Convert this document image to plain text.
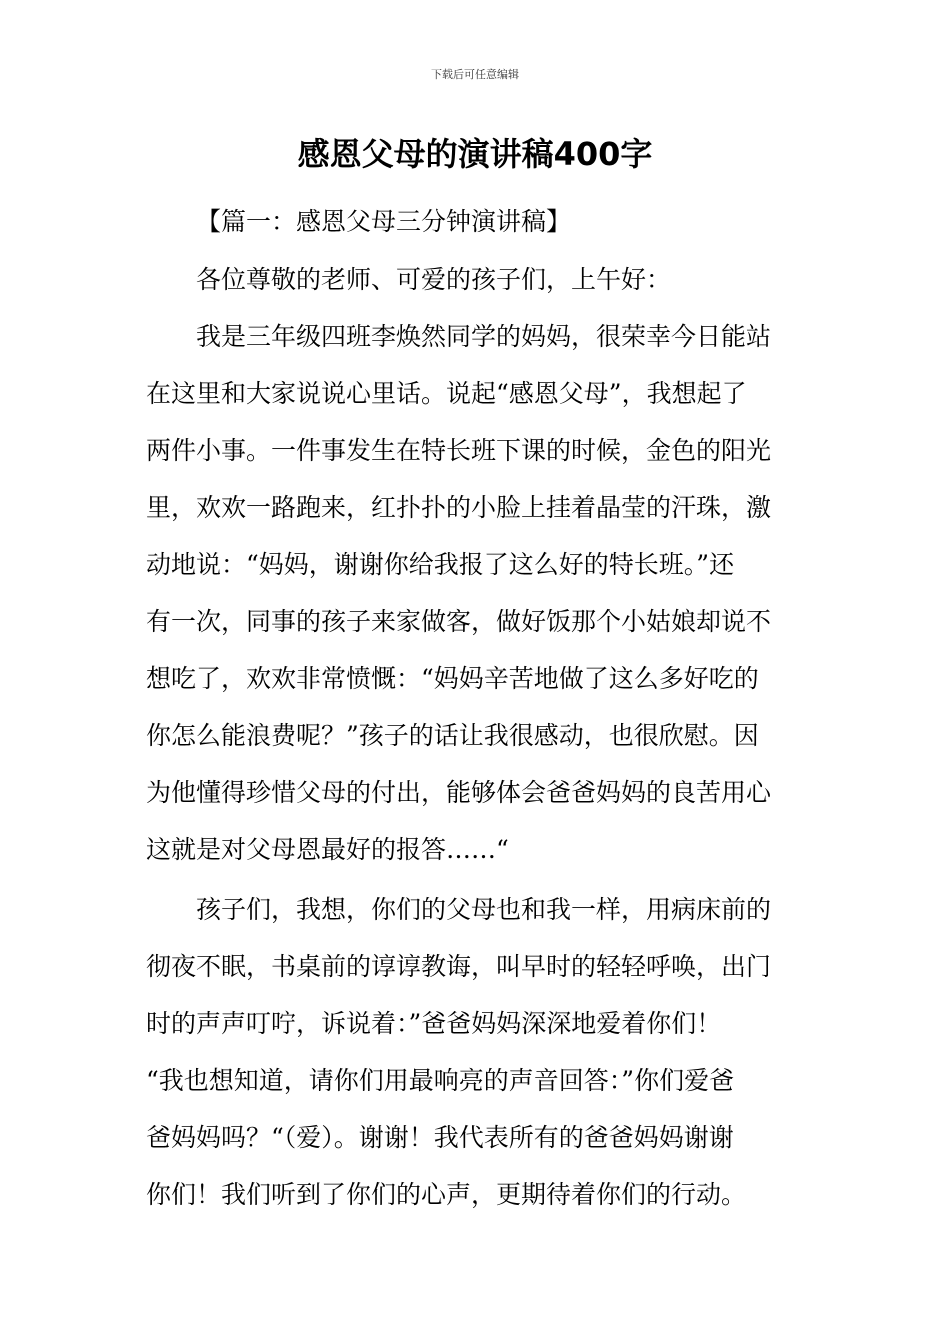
下载后可任意编辑
感恩父母的演讲稿400字

【篇一：感恩父母三分钟演讲稿】

各位尊敬的老师、可爱的孩子们，上午好：

我是三年级四班李焕然同学的妈妈，很荣幸今日能站

在这里和大家说说心里话。说起“感恩父母”，我想起了

两件小事。一件事发生在特长班下课的时候，金色的阳光

里，欢欢一路跑来，红扑扑的小脸上挂着晶莹的汗珠，激

动地说：“妈妈，谢谢你给我报了这么好的特长班。”还

有一次，同事的孩子来家做客，做好饭那个小姑娘却说不

想吃了，欢欢非常愤慨：“妈妈辛苦地做了这么多好吃的

你怎么能浪费呢？”孩子的话让我很感动，也很欣慰。因

为他懂得珍惜父母的付出，能够体会爸爸妈妈的良苦用心

这就是对父母恩最好的报答……“

孩子们，我想，你们的父母也和我一样，用病床前的

彻夜不眠，书桌前的谆谆教诲，叫早时的轻轻呼唤，出门

时的声声叮咛，诉说着：”爸爸妈妈深深地爱着你们！

“我也想知道，请你们用最响亮的声音回答：”你们爱爸

爸妈妈吗？“（爱）。谢谢！我代表所有的爸爸妈妈谢谢

你们！我们听到了你们的心声，更期待着你们的行动。
